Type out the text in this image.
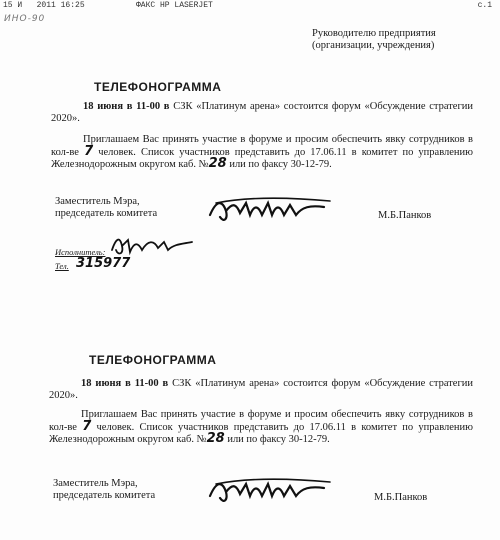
15 И   2011 16:25

	ФАКС HP LASERJET

	с.1

ИНО-90
Руководителю предприятия
(организации, учреждения)
ТЕЛЕФОНОГРАММА
18 июня в 11-00 в СЗК «Платинум арена» состоится форум «Обсуждение стратегии 2020».
Приглашаем Вас принять участие в форуме и просим обеспечить явку сотрудников в кол-ве 7 человек. Список участников представить до 17.06.11 в комитет по управлению Железнодорожным округом каб. №28 или по факсу 30-12-79.
Заместитель Мэра,
председатель комитета	М.Б.Панков
Исполнитель:
Тел. 315977
ТЕЛЕФОНОГРАММА
18 июня в 11-00 в СЗК «Платинум арена» состоится форум «Обсуждение стратегии 2020».
Приглашаем Вас принять участие в форуме и просим обеспечить явку сотрудников в кол-ве 7 человек. Список участников представить до 17.06.11 в комитет по управлению Железнодорожным округом каб. №28 или по факсу 30-12-79.
Заместитель Мэра,
председатель комитета	М.Б.Панков
